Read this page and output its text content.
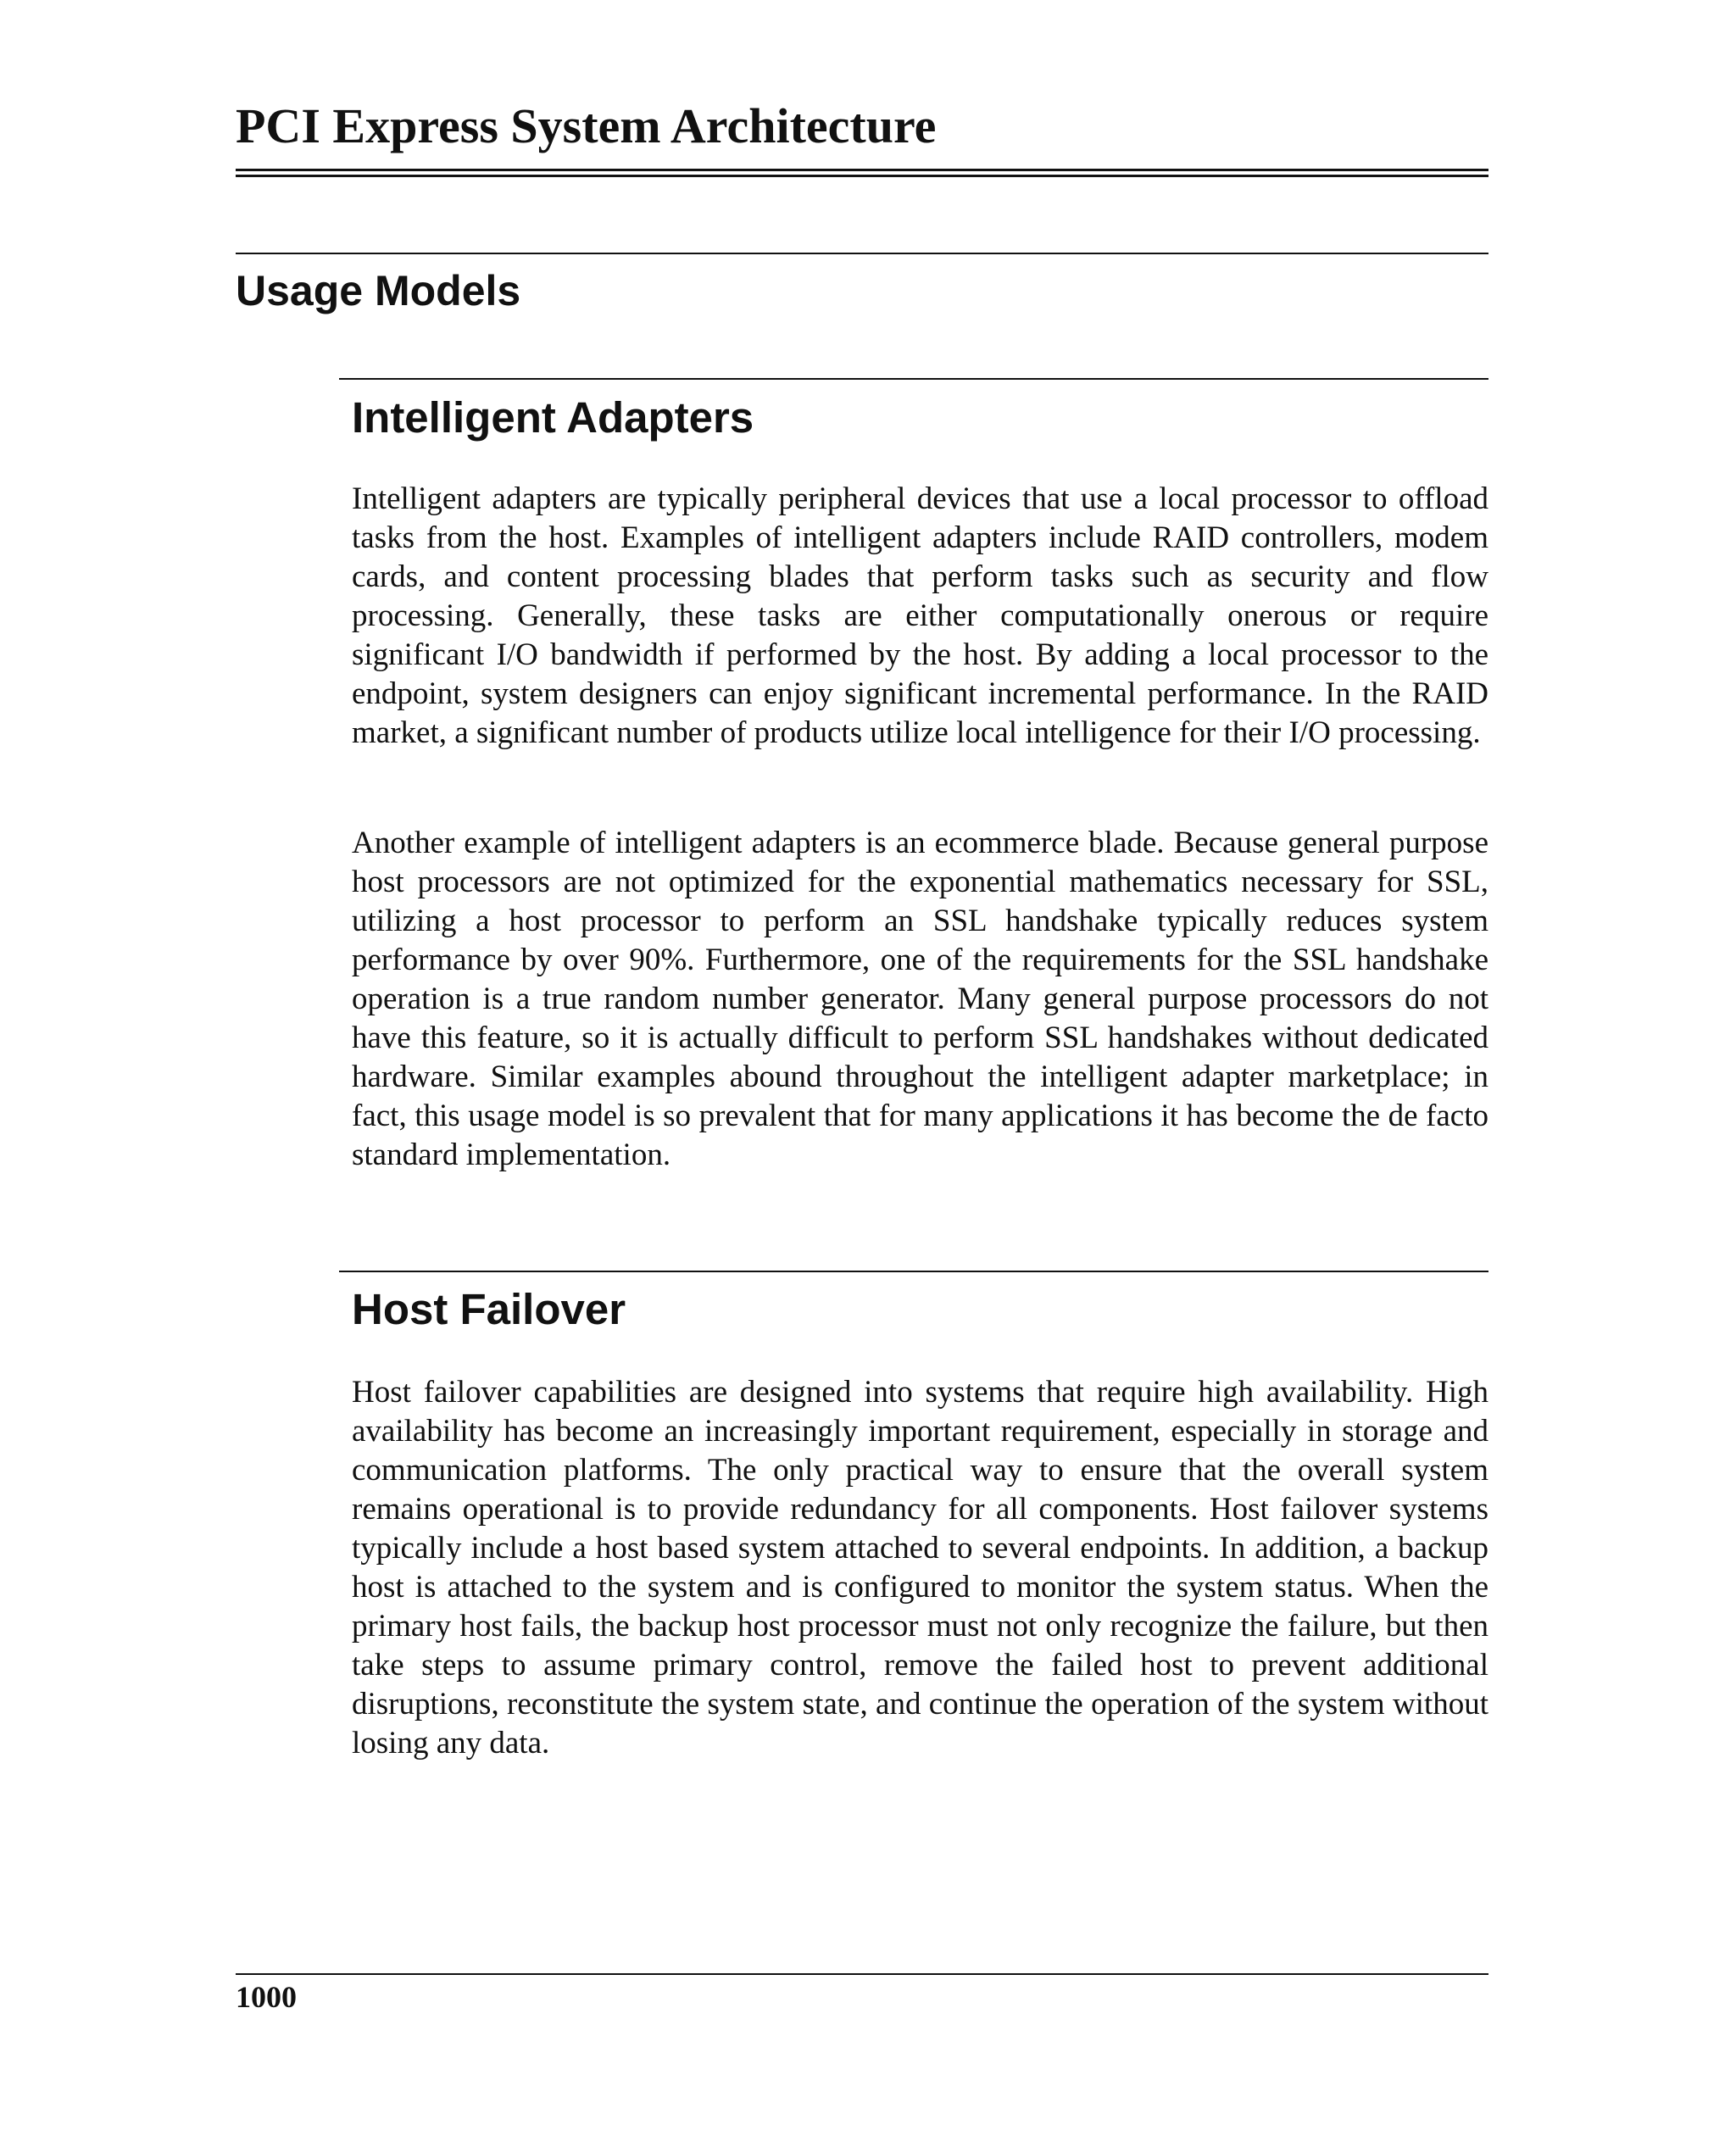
PCI Express System Architecture
Usage Models
Intelligent Adapters

Intelligent adapters are typically peripheral devices that use a local processor to offload tasks from the host. Examples of intelligent adapters include RAID controllers, modem cards, and content processing blades that perform tasks such as security and flow processing. Generally, these tasks are either computationally onerous or require significant I/O bandwidth if performed by the host. By adding a local processor to the endpoint, system designers can enjoy significant incremental performance. In the RAID market, a significant number of products utilize local intelligence for their I/O processing.

Another example of intelligent adapters is an ecommerce blade. Because general purpose host processors are not optimized for the exponential mathematics necessary for SSL, utilizing a host processor to perform an SSL handshake typically reduces system performance by over 90%. Furthermore, one of the requirements for the SSL handshake operation is a true random number generator. Many general purpose processors do not have this feature, so it is actually difficult to perform SSL handshakes without dedicated hardware. Similar examples abound throughout the intelligent adapter marketplace; in fact, this usage model is so prevalent that for many applications it has become the de facto standard implementation.

Host Failover

Host failover capabilities are designed into systems that require high availability. High availability has become an increasingly important requirement, especially in storage and communication platforms. The only practical way to ensure that the overall system remains operational is to provide redundancy for all components. Host failover systems typically include a host based system attached to several endpoints. In addition, a backup host is attached to the system and is configured to monitor the system status. When the primary host fails, the backup host processor must not only recognize the failure, but then take steps to assume primary control, remove the failed host to prevent additional disruptions, reconstitute the system state, and continue the operation of the system without losing any data.

1000
